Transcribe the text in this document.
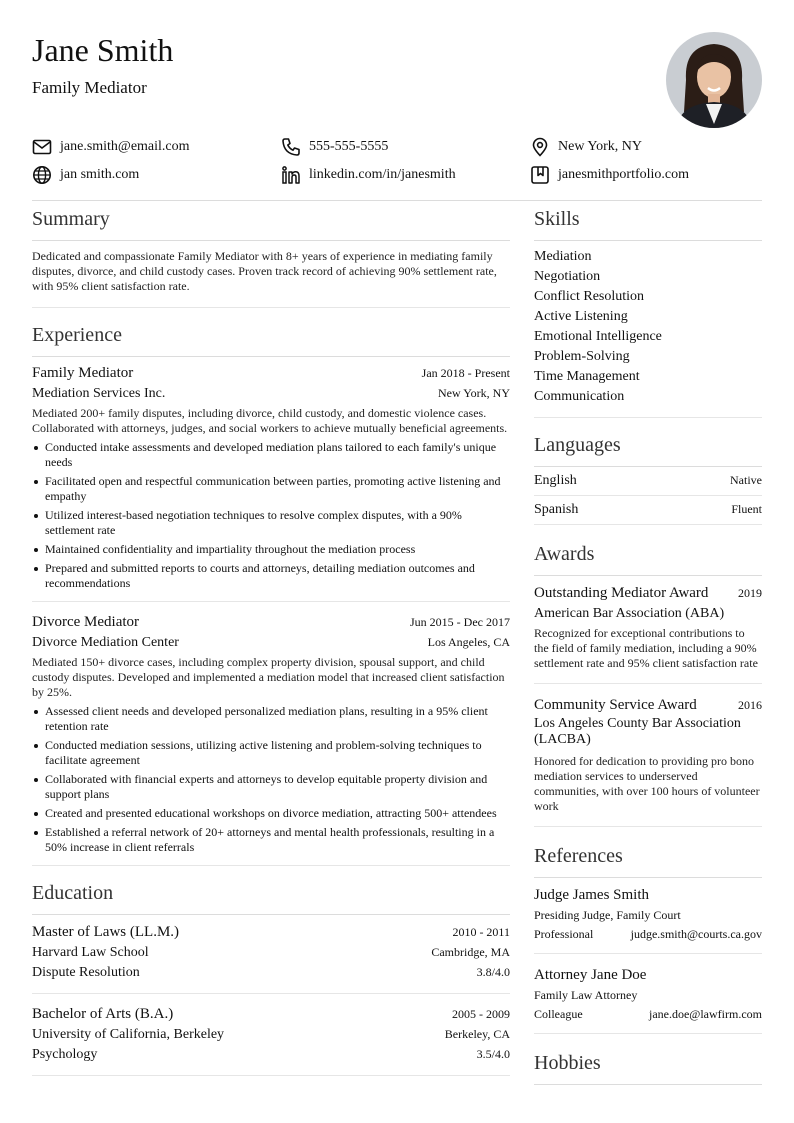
Jane Smith
Family Mediator
jane.smith@email.com	555-555-5555	New York, NY
jan smith.com	linkedin.com/in/janesmith	janesmithportfolio.com
Summary
Dedicated and compassionate Family Mediator with 8+ years of experience in mediating family disputes, divorce, and child custody cases. Proven track record of achieving 90% settlement rate, with 95% client satisfaction rate.
Experience
Family Mediator	Jan 2018 - Present
Mediation Services Inc.	New York, NY
Mediated 200+ family disputes, including divorce, child custody, and domestic violence cases. Collaborated with attorneys, judges, and social workers to achieve mutually beneficial agreements.
Conducted intake assessments and developed mediation plans tailored to each family's unique needs
Facilitated open and respectful communication between parties, promoting active listening and empathy
Utilized interest-based negotiation techniques to resolve complex disputes, with a 90% settlement rate
Maintained confidentiality and impartiality throughout the mediation process
Prepared and submitted reports to courts and attorneys, detailing mediation outcomes and recommendations
Divorce Mediator	Jun 2015 - Dec 2017
Divorce Mediation Center	Los Angeles, CA
Mediated 150+ divorce cases, including complex property division, spousal support, and child custody disputes. Developed and implemented a mediation model that increased client satisfaction by 25%.
Assessed client needs and developed personalized mediation plans, resulting in a 95% client retention rate
Conducted mediation sessions, utilizing active listening and problem-solving techniques to facilitate agreement
Collaborated with financial experts and attorneys to develop equitable property division and support plans
Created and presented educational workshops on divorce mediation, attracting 500+ attendees
Established a referral network of 20+ attorneys and mental health professionals, resulting in a 50% increase in client referrals
Education
Master of Laws (LL.M.)	2010 - 2011
Harvard Law School	Cambridge, MA
Dispute Resolution	3.8/4.0
Bachelor of Arts (B.A.)	2005 - 2009
University of California, Berkeley	Berkeley, CA
Psychology	3.5/4.0
Skills
Mediation
Negotiation
Conflict Resolution
Active Listening
Emotional Intelligence
Problem-Solving
Time Management
Communication
Languages
English	Native
Spanish	Fluent
Awards
Outstanding Mediator Award 2019
American Bar Association (ABA)
Recognized for exceptional contributions to the field of family mediation, including a 90% settlement rate and 95% client satisfaction rate
Community Service Award	2016
Los Angeles County Bar Association (LACBA)
Honored for dedication to providing pro bono mediation services to underserved communities, with over 100 hours of volunteer work
References
Judge James Smith
Presiding Judge, Family Court
Professional	judge.smith@courts.ca.gov
Attorney Jane Doe
Family Law Attorney
Colleague	jane.doe@lawfirm.com
Hobbies
